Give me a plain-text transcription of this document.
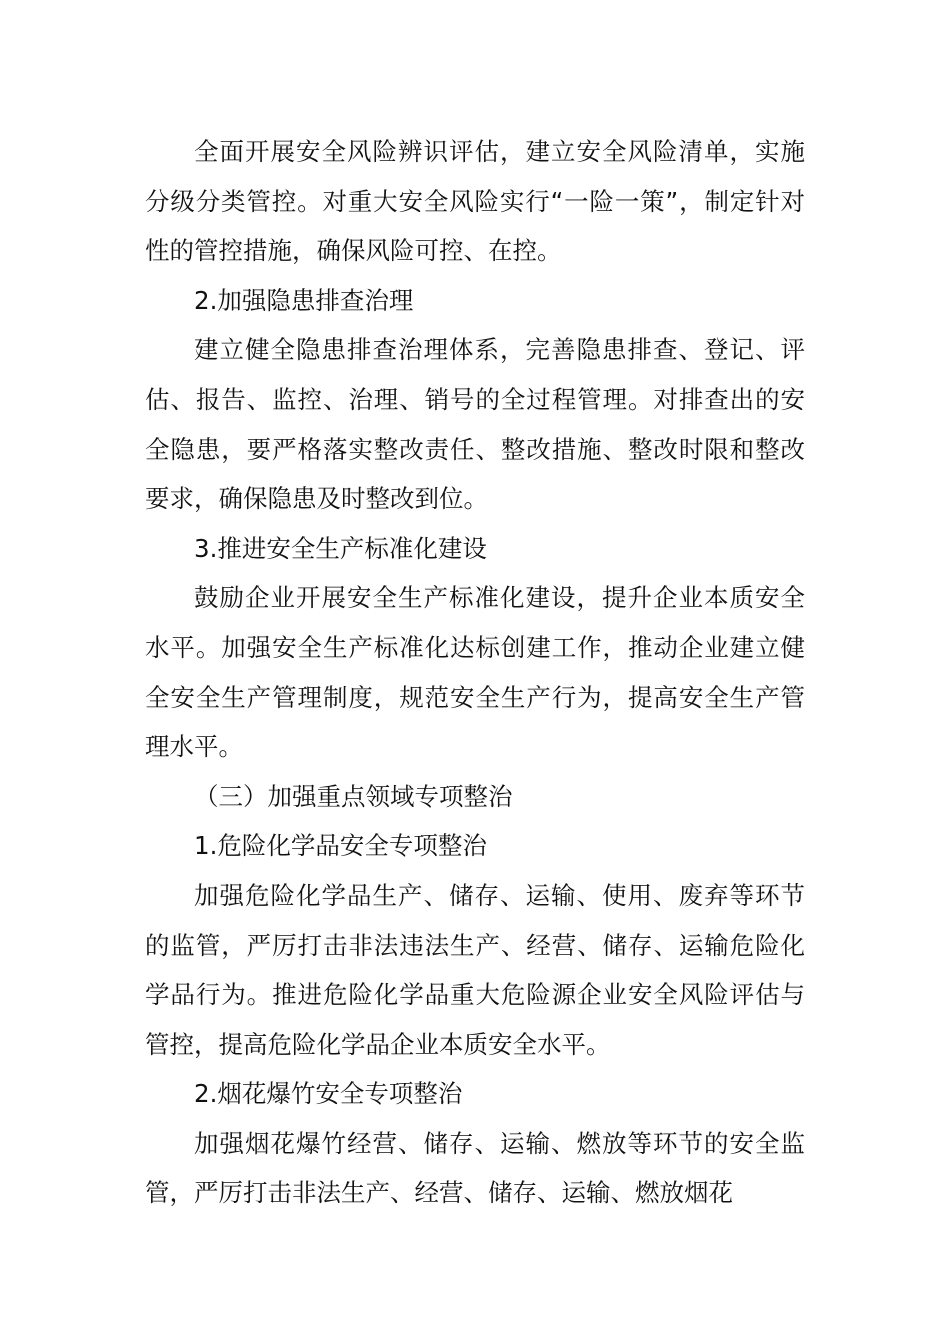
全面开展安全风险辨识评估，建立安全风险清单，实施分级分类管控。对重大安全风险实行“一险一策”，制定针对性的管控措施，确保风险可控、在控。

2.加强隐患排查治理

建立健全隐患排查治理体系，完善隐患排查、登记、评估、报告、监控、治理、销号的全过程管理。对排查出的安全隐患，要严格落实整改责任、整改措施、整改时限和整改要求，确保隐患及时整改到位。

3.推进安全生产标准化建设

鼓励企业开展安全生产标准化建设，提升企业本质安全水平。加强安全生产标准化达标创建工作，推动企业建立健全安全生产管理制度，规范安全生产行为，提高安全生产管理水平。

（三）加强重点领域专项整治

1.危险化学品安全专项整治

加强危险化学品生产、储存、运输、使用、废弃等环节的监管，严厉打击非法违法生产、经营、储存、运输危险化学品行为。推进危险化学品重大危险源企业安全风险评估与管控，提高危险化学品企业本质安全水平。

2.烟花爆竹安全专项整治

加强烟花爆竹经营、储存、运输、燃放等环节的安全监管，严厉打击非法生产、经营、储存、运输、燃放烟花
